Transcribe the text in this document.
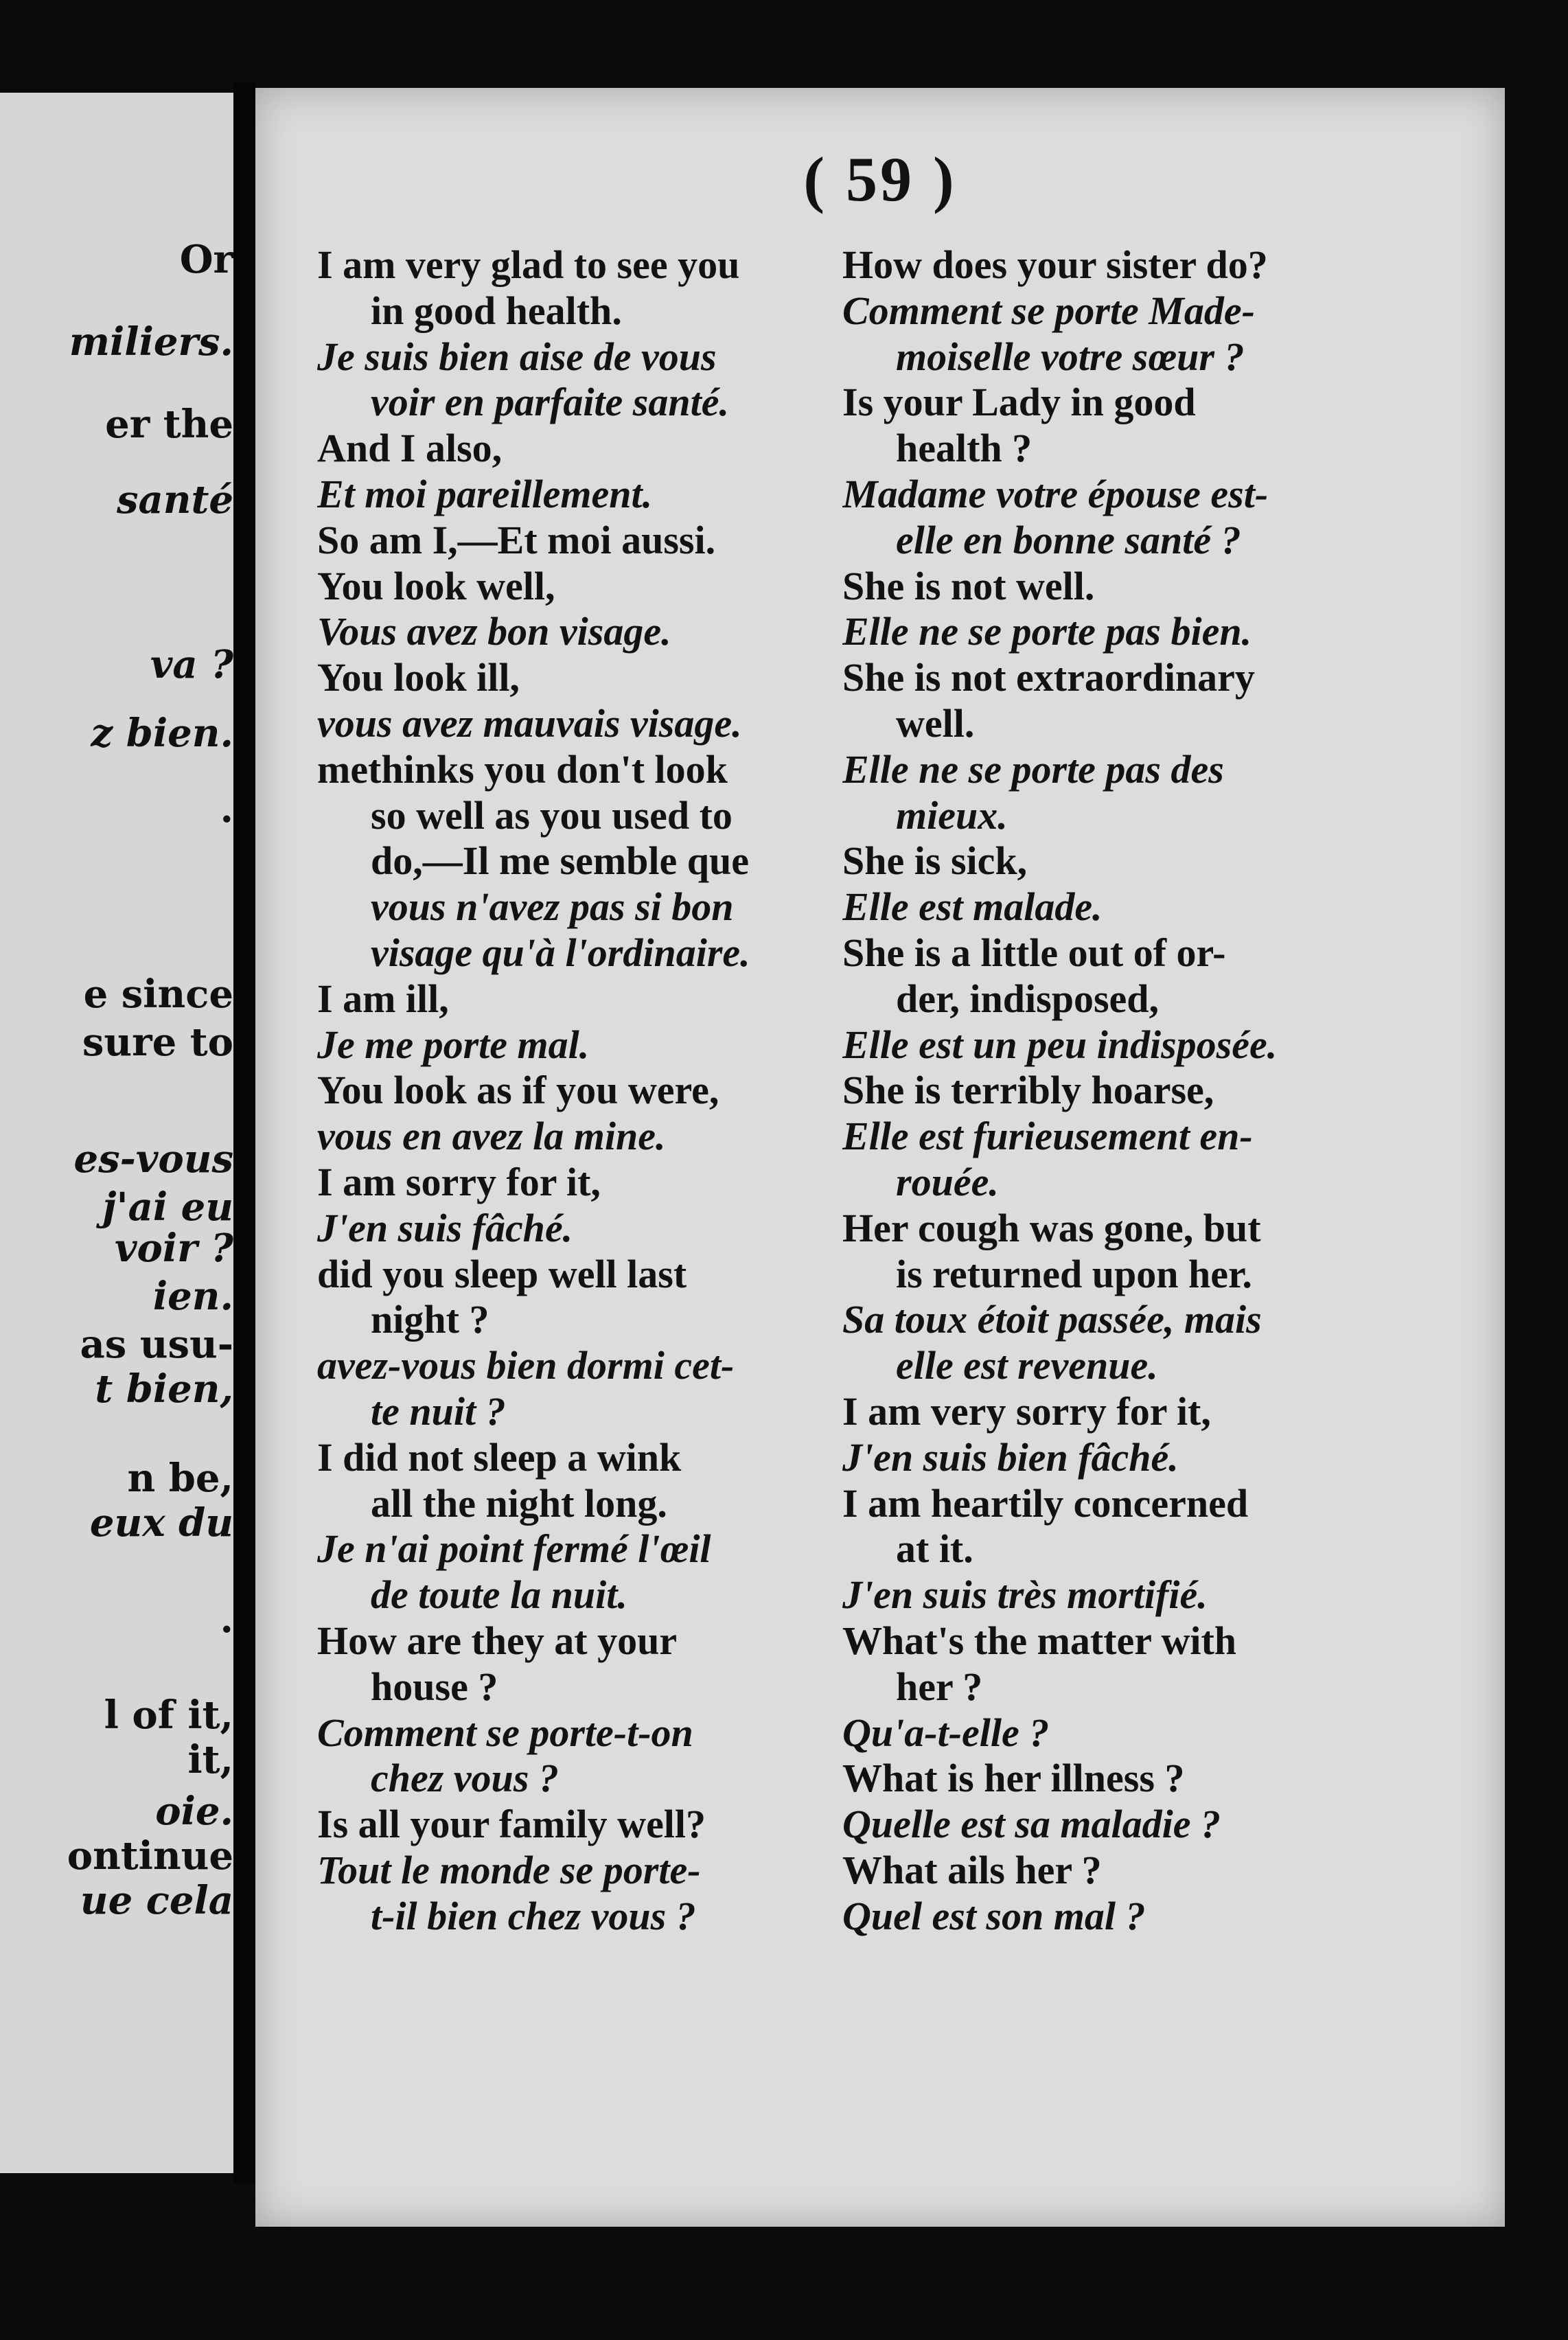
Or
miliers.
er the
santé
va ?
z bien.
.
e since
sure to
es-vous
j'ai eu
voir ?
ien.
as usu-
t bien,
n be,
eux du
.
l of it,
it,
oie.
ontinue
ue cela
( 59 )
I am very glad to see you
in good health.
Je suis bien aise de vous
voir en parfaite santé.
And I also,
Et moi pareillement.
So am I,—Et moi aussi.
You look well,
Vous avez bon visage.
You look ill,
vous avez mauvais visage.
methinks you don't look
so well as you used to
do,—Il me semble que
vous n'avez pas si bon
visage qu'à l'ordinaire.
I am ill,
Je me porte mal.
You look as if you were,
vous en avez la mine.
I am sorry for it,
J'en suis fâché.
did you sleep well last
night ?
avez-vous bien dormi cet-
te nuit ?
I did not sleep a wink
all the night long.
Je n'ai point fermé l'œil
de toute la nuit.
How are they at your
house ?
Comment se porte-t-on
chez vous ?
Is all your family well?
Tout le monde se porte-
t-il bien chez vous ?
How does your sister do?
Comment se porte Made-
moiselle votre sœur ?
Is your Lady in good
health ?
Madame votre épouse est-
elle en bonne santé ?
She is not well.
Elle ne se porte pas bien.
She is not extraordinary
well.
Elle ne se porte pas des
mieux.
She is sick,
Elle est malade.
She is a little out of or-
der, indisposed,
Elle est un peu indisposée.
She is terribly hoarse,
Elle est furieusement en-
rouée.
Her cough was gone, but
is returned upon her.
Sa toux étoit passée, mais
elle est revenue.
I am very sorry for it,
J'en suis bien fâché.
I am heartily concerned
at it.
J'en suis très mortifié.
What's the matter with
her ?
Qu'a-t-elle ?
What is her illness ?
Quelle est sa maladie ?
What ails her ?
Quel est son mal ?
